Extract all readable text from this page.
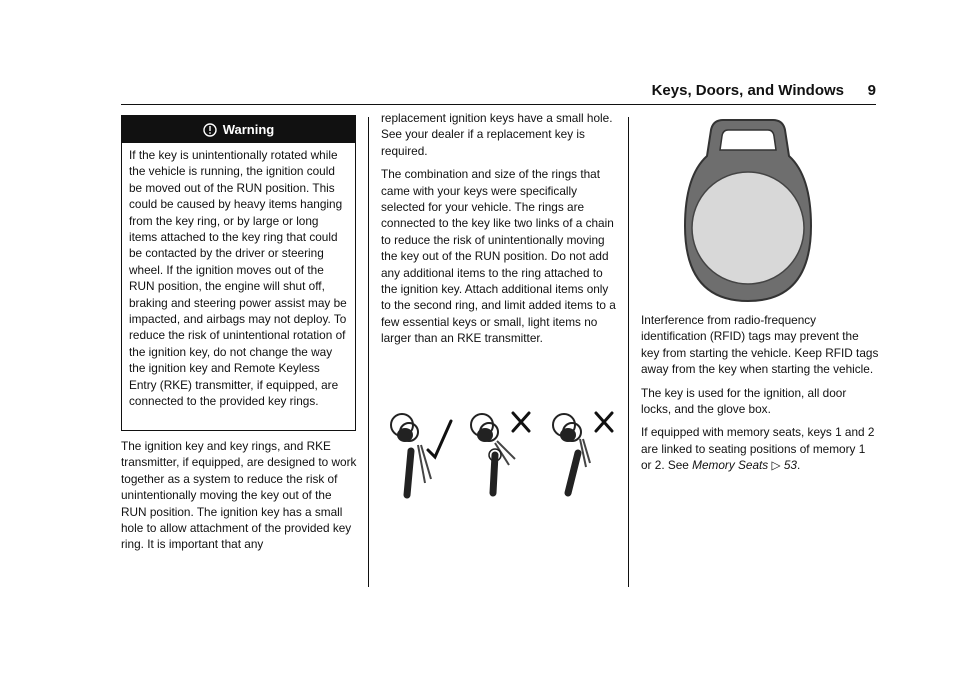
Keys, Doors, and Windows 9
Warning
If the key is unintentionally rotated while the vehicle is running, the ignition could be moved out of the RUN position. This could be caused by heavy items hanging from the key ring, or by large or long items attached to the key ring that could be contacted by the driver or steering wheel. If the ignition moves out of the RUN position, the engine will shut off, braking and steering power assist may be impacted, and airbags may not deploy. To reduce the risk of unintentional rotation of the ignition key, do not change the way the ignition key and Remote Keyless Entry (RKE) transmitter, if equipped, are connected to the provided key rings.

The ignition key and key rings, and RKE transmitter, if equipped, are designed to work together as a system to reduce the risk of unintentionally moving the key out of the RUN position. The ignition key has a small hole to allow attachment of the provided key ring. It is important that any

replacement ignition keys have a small hole. See your dealer if a replacement key is required.

The combination and size of the rings that came with your keys were specifically selected for your vehicle. The rings are connected to the key like two links of a chain to reduce the risk of unintentionally moving the key out of the RUN position. Do not add any additional items to the ring attached to the ignition key. Attach additional items only to the second ring, and limit added items to a few essential keys or small, light items no larger than an RKE transmitter.

Interference from radio-frequency identification (RFID) tags may prevent the key from starting the vehicle. Keep RFID tags away from the key when starting the vehicle.

The key is used for the ignition, all door locks, and the glove box.

If equipped with memory seats, keys 1 and 2 are linked to seating positions of memory 1 or 2. See Memory Seats ▷ 53.
